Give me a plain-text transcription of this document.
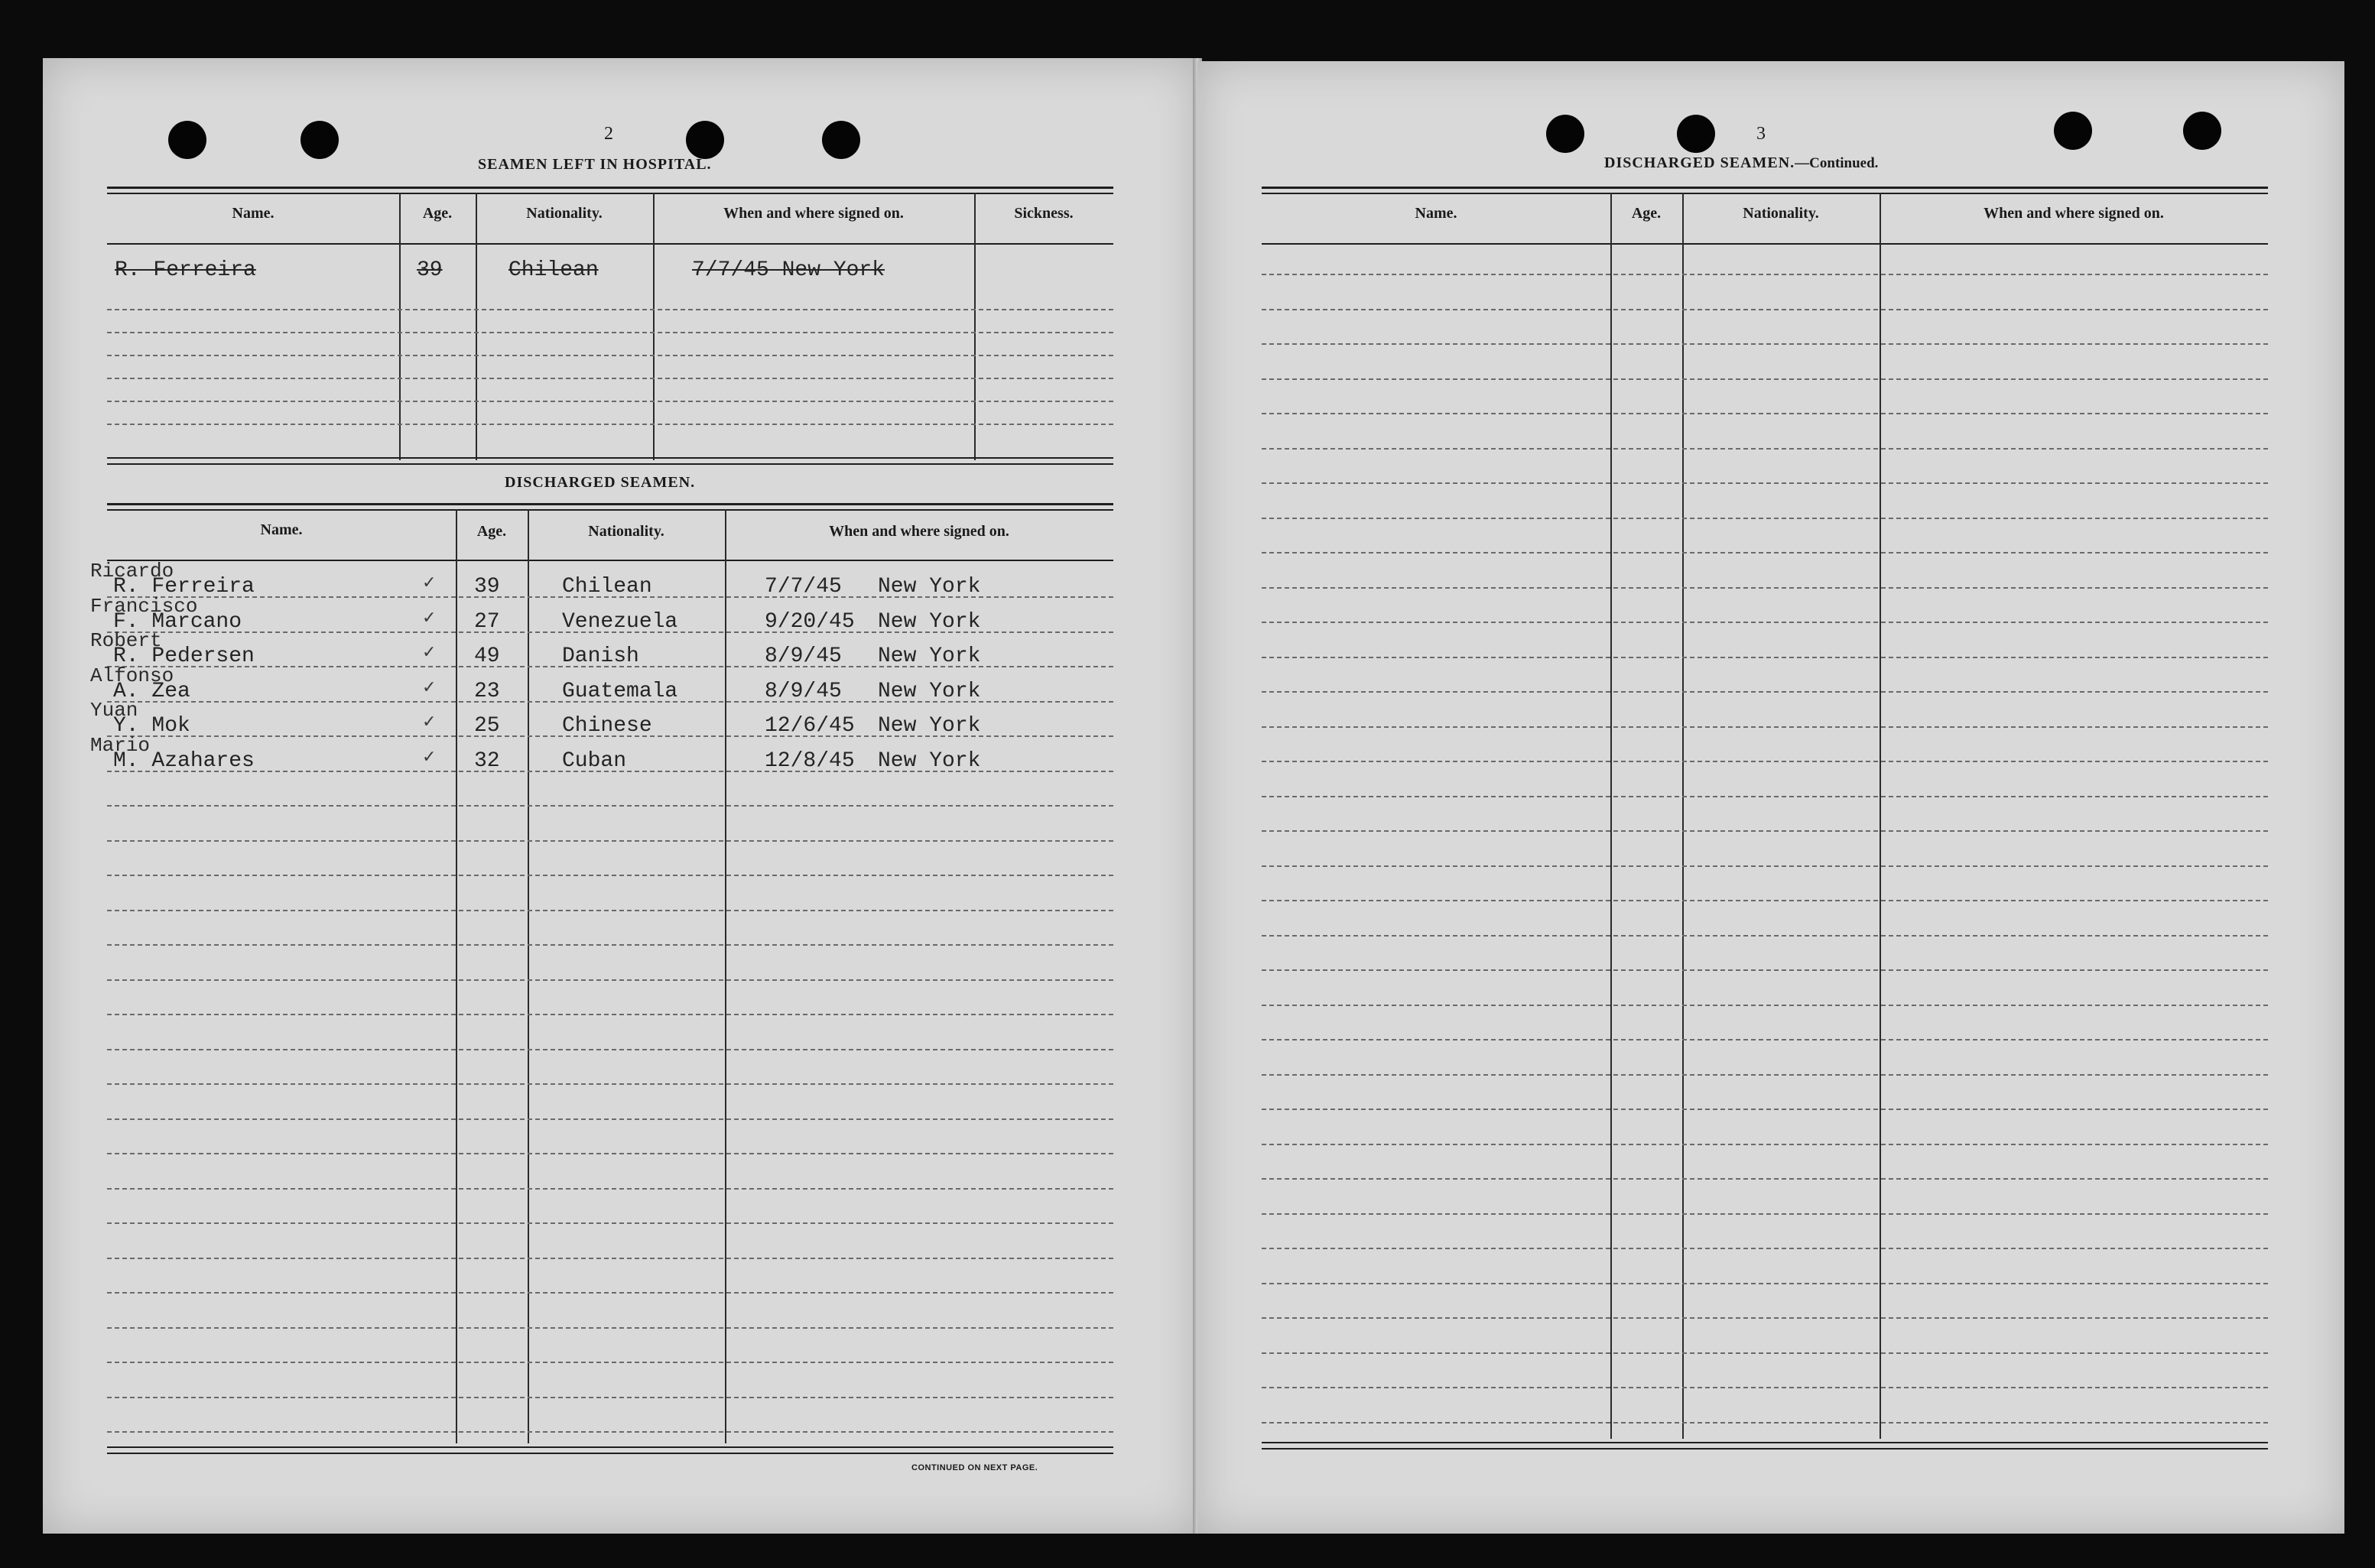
2
SEAMEN LEFT IN HOSPITAL.
3
DISCHARGED SEAMEN.—Continued.
Name.	Age.	Nationality.	When and where signed on.	Sickness.
R. Ferreira	39	Chilean	7/7/45 New York
DISCHARGED SEAMEN.
Name.	Age.	Nationality.	When and where signed on.
Ricardo
R. Ferreira	✓ 39	Chilean	7/7/45 New York
Francisco
F. Marcano	✓ 27	Venezuela	9/20/45 New York
Robert
R. Pedersen	✓ 49	Danish	8/9/45 New York
Alfonso
A. Zea	✓ 23	Guatemala	8/9/45 New York
Yuan
Y. Mok	✓ 25	Chinese	12/6/45 New York
Mario
M. Azahares	✓ 32	Cuban	12/8/45 New York
CONTINUED ON NEXT PAGE.
Name.	Age.	Nationality.	When and where signed on.
